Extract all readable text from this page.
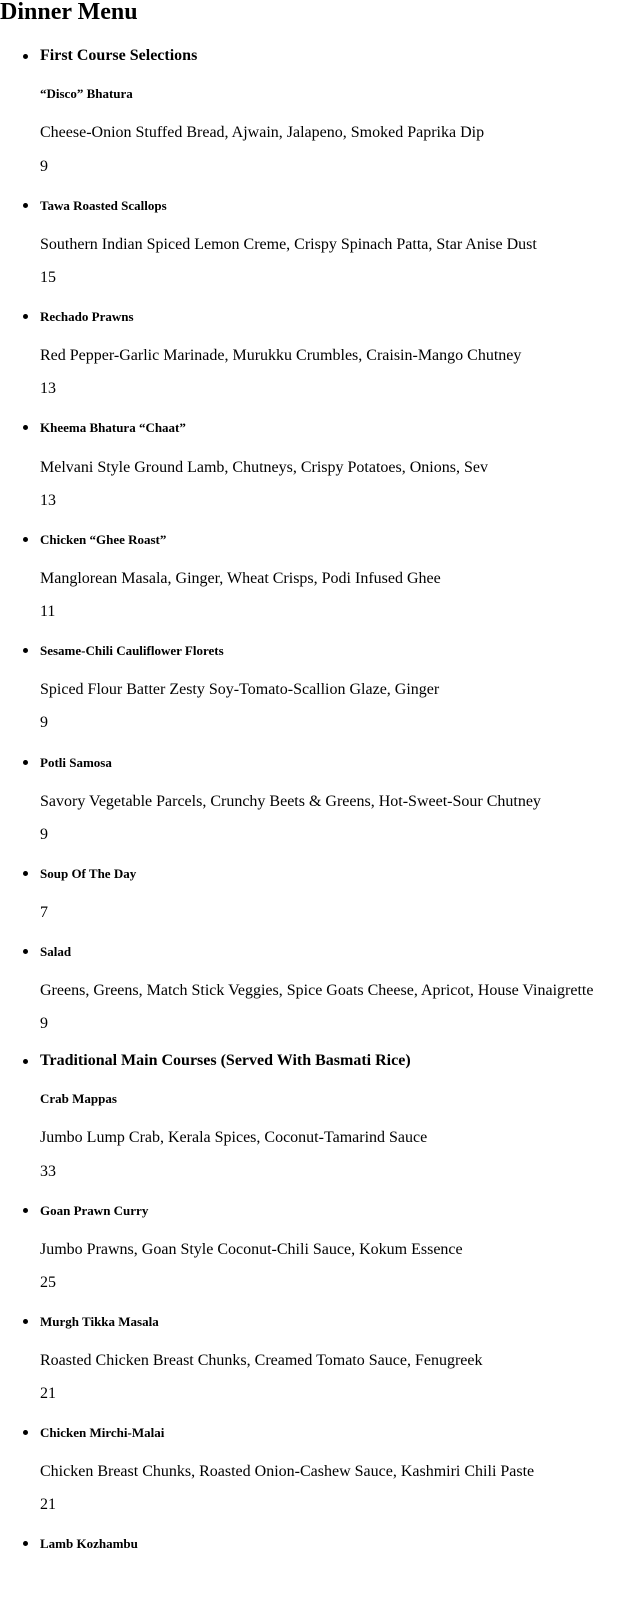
Dinner Menu
First Course Selections
“Disco” Bhatura
Cheese-Onion Stuffed Bread, Ajwain, Jalapeno, Smoked Paprika Dip
9
Tawa Roasted Scallops
Southern Indian Spiced Lemon Creme, Crispy Spinach Patta, Star Anise Dust
15
Rechado Prawns
Red Pepper-Garlic Marinade, Murukku Crumbles, Craisin-Mango Chutney
13
Kheema Bhatura “Chaat”
Melvani Style Ground Lamb, Chutneys, Crispy Potatoes, Onions, Sev
13
Chicken “Ghee Roast”
Manglorean Masala, Ginger, Wheat Crisps, Podi Infused Ghee
11
Sesame-Chili Cauliflower Florets
Spiced Flour Batter Zesty Soy-Tomato-Scallion Glaze, Ginger
9
Potli Samosa
Savory Vegetable Parcels, Crunchy Beets & Greens, Hot-Sweet-Sour Chutney
9
Soup Of The Day
7
Salad
Greens, Greens, Match Stick Veggies, Spice Goats Cheese, Apricot, House Vinaigrette
9
Traditional Main Courses (Served With Basmati Rice)
Crab Mappas
Jumbo Lump Crab, Kerala Spices, Coconut-Tamarind Sauce
33
Goan Prawn Curry
Jumbo Prawns, Goan Style Coconut-Chili Sauce, Kokum Essence
25
Murgh Tikka Masala
Roasted Chicken Breast Chunks, Creamed Tomato Sauce, Fenugreek
21
Chicken Mirchi-Malai
Chicken Breast Chunks, Roasted Onion-Cashew Sauce, Kashmiri Chili Paste
21
Lamb Kozhambu
